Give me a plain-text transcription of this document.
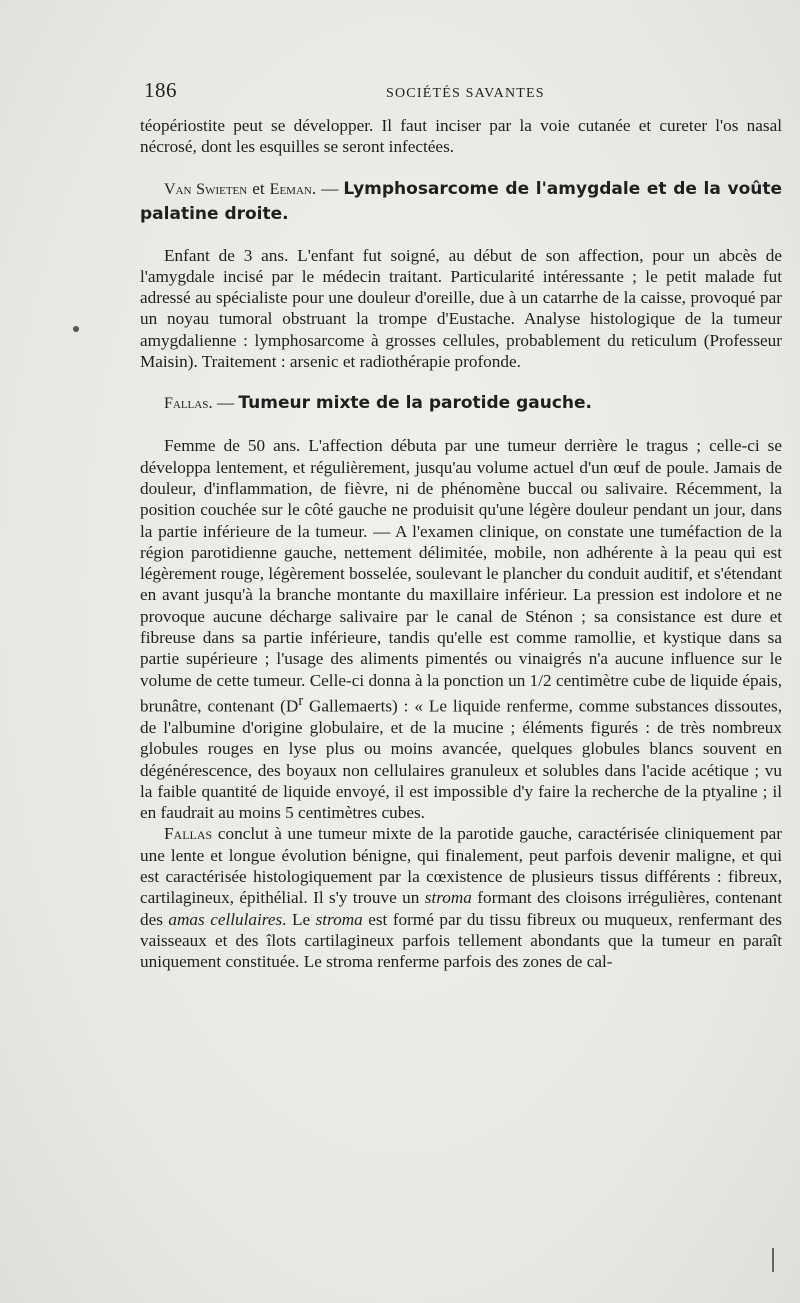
186	SOCIÉTÉS SAVANTES

téopériostite peut se développer. Il faut inciser par la voie cutanée et cureter l'os nasal nécrosé, dont les esquilles se seront infectées.

Van Swieten et Eeman. — Lymphosarcome de l'amygdale et de la voûte palatine droite.

Enfant de 3 ans. L'enfant fut soigné, au début de son affection, pour un abcès de l'amygdale incisé par le médecin traitant. Particularité intéressante ; le petit malade fut adressé au spécialiste pour une douleur d'oreille, due à un catarrhe de la caisse, provoqué par un noyau tumoral obstruant la trompe d'Eustache. Analyse histologique de la tumeur amygdalienne : lymphosarcome à grosses cellules, probablement du reticulum (Professeur Maisin). Traitement : arsenic et radiothérapie profonde.

Fallas. — Tumeur mixte de la parotide gauche.

Femme de 50 ans. L'affection débuta par une tumeur derrière le tragus ; celle-ci se développa lentement, et régulièrement, jusqu'au volume actuel d'un œuf de poule. Jamais de douleur, d'inflammation, de fièvre, ni de phénomène buccal ou salivaire. Récemment, la position couchée sur le côté gauche ne produisit qu'une légère douleur pendant un jour, dans la partie inférieure de la tumeur. — A l'examen clinique, on constate une tuméfaction de la région parotidienne gauche, nettement délimitée, mobile, non adhérente à la peau qui est légèrement rouge, légèrement bosselée, soulevant le plancher du conduit auditif, et s'étendant en avant jusqu'à la branche montante du maxillaire inférieur. La pression est indolore et ne provoque aucune décharge salivaire par le canal de Sténon ; sa consistance est dure et fibreuse dans sa partie inférieure, tandis qu'elle est comme ramollie, et kystique dans sa partie supérieure ; l'usage des aliments pimentés ou vinaigrés n'a aucune influence sur le volume de cette tumeur. Celle-ci donna à la ponction un 1/2 centimètre cube de liquide épais, brunâtre, contenant ($D^r$ Gallemaerts) : « Le liquide renferme, comme substances dissoutes, de l'albumine d'origine globulaire, et de la mucine ; éléments figurés : de très nombreux globules rouges en lyse plus ou moins avancée, quelques globules blancs souvent en dégénérescence, des boyaux non cellulaires granuleux et solubles dans l'acide acétique ; vu la faible quantité de liquide envoyé, il est impossible d'y faire la recherche de la ptyaline ; il en faudrait au moins 5 centimètres cubes.

Fallas conclut à une tumeur mixte de la parotide gauche, caractérisée cliniquement par une lente et longue évolution bénigne, qui finalement, peut parfois devenir maligne, et qui est caractérisée histologiquement par la cœxistence de plusieurs tissus différents : fibreux, cartilagineux, épithélial. Il s'y trouve un stroma formant des cloisons irrégulières, contenant des amas cellulaires. Le stroma est formé par du tissu fibreux ou muqueux, renfermant des vaisseaux et des îlots cartilagineux parfois tellement abondants que la tumeur en paraît uniquement constituée. Le stroma renferme parfois des zones de cal-
